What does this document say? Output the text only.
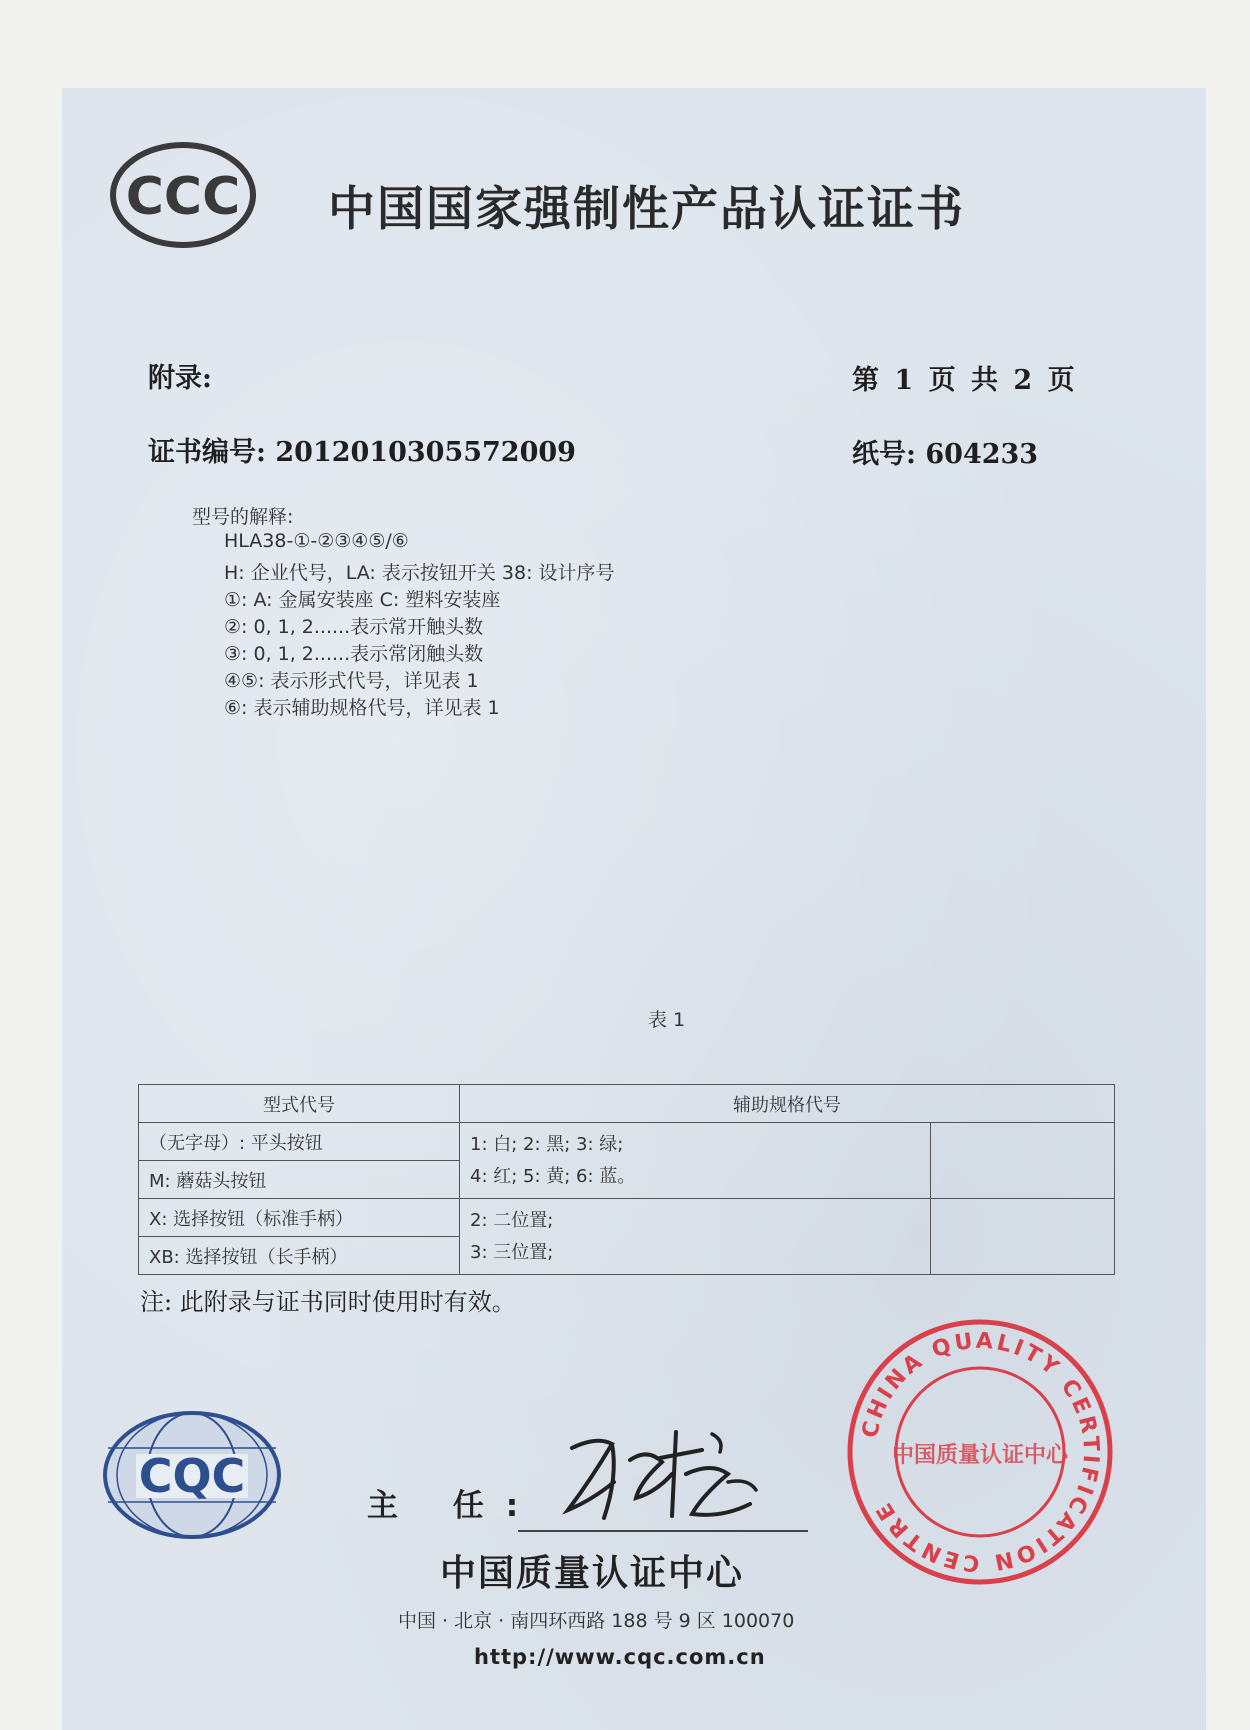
CCC 中国国家强制性产品认证证书
附录:	第 1 页 共 2 页
证书编号: 2012010305572009	纸号: 604233
型号的解释:
HLA38-①-②③④⑤/⑥
H: 企业代号，LA: 表示按钮开关 38: 设计序号
①: A: 金属安装座 C: 塑料安装座
②: 0, 1, 2......表示常开触头数
③: 0, 1, 2......表示常闭触头数
④⑤: 表示形式代号，详见表 1
⑥: 表示辅助规格代号，详见表 1
表 1
型式代号	辅助规格代号	
（无字母）: 平头按钮	1: 白; 2: 黑; 3: 绿;
4: 红; 5: 黄; 6: 蓝。	

M: 蘑菇头按钮		
X: 选择按钮（标准手柄）	2: 二位置;
3: 三位置;	

XB: 选择按钮（长手柄）		
注: 此附录与证书同时使用时有效。
CQC
主 任:
中国质量认证中心
中国 · 北京 · 南四环西路 188 号 9 区 100070
http://www.cqc.com.cn
CHINA QUALITY CERTIFICATION CENTRE
中国质量认证中心
